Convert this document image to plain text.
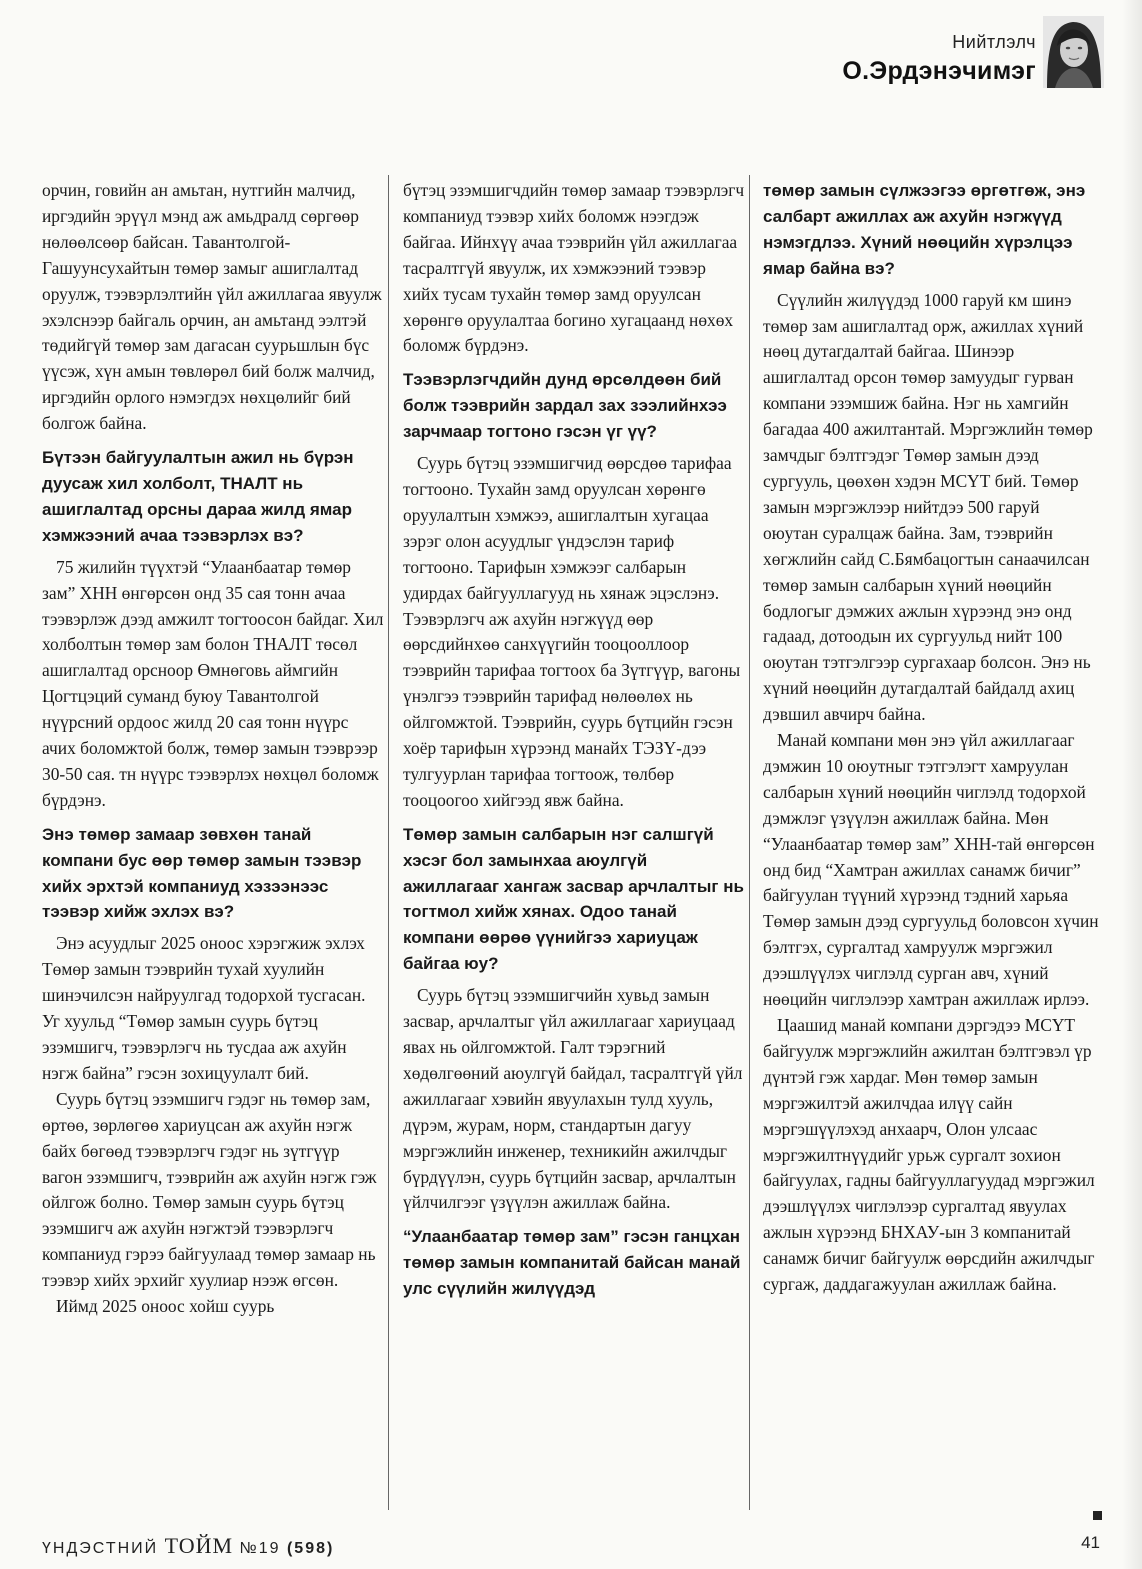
Нийтлэлч
О.Эрдэнэчимэг

орчин, говийн ан амьтан, нутгийн малчид, иргэдийн эрүүл мэнд аж амьдралд сөргөөр нөлөөлсөөр байсан. Тавантолгой-Гашуунсухайтын төмөр замыг ашиглалтад оруулж, тээвэрлэлтийн үйл ажиллагаа явуулж эхэлснээр байгаль орчин, ан амьтанд ээлтэй төдийгүй төмөр зам дагасан суурьшлын бүс үүсэж, хүн амын төвлөрөл бий болж малчид, иргэдийн орлого нэмэгдэх нөхцөлийг бий болгож байна.

Бүтээн байгуулалтын ажил нь бүрэн дуусаж хил холболт, ТНАЛТ нь ашиглалтад орсны дараа жилд ямар хэмжээний ачаа тээвэрлэх вэ?

75 жилийн түүхтэй “Улаанбаатар төмөр зам” ХНН өнгөрсөн онд 35 сая тонн ачаа тээвэрлэж дээд амжилт тогтоосон байдаг. Хил холболтын төмөр зам болон ТНАЛТ төсөл ашиглалтад орсноор Өмнөговь аймгийн Цогтцэций суманд буюу Тавантолгой нүүрсний ордоос жилд 20 сая тонн нүүрс ачих боломжтой болж, төмөр замын тээврээр 30-50 сая. тн нүүрс тээвэрлэх нөхцөл боломж бүрдэнэ.

Энэ төмөр замаар зөвхөн танай компани бус өөр төмөр замын тээвэр хийх эрхтэй компаниуд хэзээнээс тээвэр хийж эхлэх вэ?

Энэ асуудлыг 2025 оноос хэрэгжиж эхлэх Төмөр замын тээврийн тухай хуулийн шинэчилсэн найруулгад тодорхой тусгасан. Уг хуульд “Төмөр замын суурь бүтэц эзэмшигч, тээвэрлэгч нь тусдаа аж ахуйн нэгж байна” гэсэн зохицуулалт бий.

Суурь бүтэц эзэмшигч гэдэг нь төмөр зам, өртөө, зөрлөгөө хариуцсан аж ахуйн нэгж байх бөгөөд тээвэрлэгч гэдэг нь зүтгүүр вагон эзэмшигч, тээврийн аж ахуйн нэгж гэж ойлгож болно. Төмөр замын суурь бүтэц эзэмшигч аж ахуйн нэгжтэй тээвэрлэгч компаниуд гэрээ байгуулаад төмөр замаар нь тээвэр хийх эрхийг хуулиар нээж өгсөн.

Иймд 2025 оноос хойш суурь

бүтэц эзэмшигчдийн төмөр замаар тээвэрлэгч компаниуд тээвэр хийх боломж нээгдэж байгаа. Ийнхүү ачаа тээврийн үйл ажиллагаа тасралтгүй явуулж, их хэмжээний тээвэр хийх тусам тухайн төмөр замд оруулсан хөрөнгө оруулалтаа богино хугацаанд нөхөх боломж бүрдэнэ.

Тээвэрлэгчдийн дунд өрсөлдөөн бий болж тээврийн зардал зах зээлийнхээ зарчмаар тогтоно гэсэн үг үү?

Суурь бүтэц эзэмшигчид өөрсдөө тарифаа тогтооно. Тухайн замд оруулсан хөрөнгө оруулалтын хэмжээ, ашиглалтын хугацаа зэрэг олон асуудлыг үндэслэн тариф тогтооно. Тарифын хэмжээг салбарын удирдах байгууллагууд нь хянаж эцэслэнэ. Тээвэрлэгч аж ахуйн нэгжүүд өөр өөрсдийнхөө санхүүгийн тооцооллоор тээврийн тарифаа тогтоох ба Зүтгүүр, вагоны үнэлгээ тээврийн тарифад нөлөөлөх нь ойлгомжтой. Тээврийн, суурь бүтцийн гэсэн хоёр тарифын хүрээнд манайх ТЭЗҮ-дээ тулгуурлан тарифаа тогтоож, төлбөр тооцоогоо хийгээд явж байна.

Төмөр замын салбарын нэг салшгүй хэсэг бол замынхаа аюулгүй ажиллагааг хангаж засвар арчлалтыг нь тогтмол хийж хянах. Одоо танай компани өөрөө үүнийгээ хариуцаж байгаа юу?

Суурь бүтэц эзэмшигчийн хувьд замын засвар, арчлалтыг үйл ажиллагааг хариуцаад явах нь ойлгомжтой. Галт тэрэгний хөдөлгөөний аюулгүй байдал, тасралтгүй үйл ажиллагааг хэвийн явуулахын тулд хууль, дүрэм, журам, норм, стандартын дагуу мэргэжлийн инженер, техникийн ажилчдыг бүрдүүлэн, суурь бүтцийн засвар, арчлалтын үйлчилгээг үзүүлэн ажиллаж байна.

“Улаанбаатар төмөр зам” гэсэн ганцхан төмөр замын компанитай байсан манай улс сүүлийн жилүүдэд

төмөр замын сүлжээгээ өргөтгөж, энэ салбарт ажиллах аж ахуйн нэгжүүд нэмэгдлээ. Хүний нөөцийн хүрэлцээ ямар байна вэ?

Сүүлийн жилүүдэд 1000 гаруй км шинэ төмөр зам ашиглалтад орж, ажиллах хүний нөөц дутагдалтай байгаа. Шинээр ашиглалтад орсон төмөр замуудыг гурван компани эзэмшиж байна. Нэг нь хамгийн багадаа 400 ажилтантай. Мэргэжлийн төмөр замчдыг бэлтгэдэг Төмөр замын дээд сургууль, цөөхөн хэдэн МСҮТ бий. Төмөр замын мэргэжлээр нийтдээ 500 гаруй оюутан суралцаж байна. Зам, тээврийн хөгжлийн сайд С.Бямбацогтын санаачилсан төмөр замын салбарын хүний нөөцийн бодлогыг дэмжих ажлын хүрээнд энэ онд гадаад, дотоодын их сургуульд нийт 100 оюутан тэтгэлгээр сургахаар болсон. Энэ нь хүний нөөцийн дутагдалтай байдалд ахиц дэвшил авчирч байна.

Манай компани мөн энэ үйл ажиллагааг дэмжин 10 оюутныг тэтгэлэгт хамруулан салбарын хүний нөөцийн чиглэлд тодорхой дэмжлэг үзүүлэн ажиллаж байна. Мөн “Улаанбаатар төмөр зам” ХНН-тай өнгөрсөн онд бид “Хамтран ажиллах санамж бичиг” байгуулан түүний хүрээнд тэдний харьяа Төмөр замын дээд сургуульд боловсон хүчин бэлтгэх, сургалтад хамруулж мэргэжил дээшлүүлэх чиглэлд сурган авч, хүний нөөцийн чиглэлээр хамтран ажиллаж ирлээ.

Цаашид манай компани дэргэдээ МСҮТ байгуулж мэргэжлийн ажилтан бэлтгэвэл үр дүнтэй гэж хардаг. Мөн төмөр замын мэргэжилтэй ажилчдаа илүү сайн мэргэшүүлэхэд анхаарч, Олон улсаас мэргэжилтнүүдийг урьж сургалт зохион байгуулах, гадны байгууллагуудад мэргэжил дээшлүүлэх чиглэлээр сургалтад явуулах ажлын хүрээнд БНХАУ-ын 3 компанитай санамж бичиг байгуулж өөрсдийн ажилчдыг сургаж, даддагажуулан ажиллаж байна.

ҮНДЭСТНИЙ ТОЙМ №19 (598)	41
